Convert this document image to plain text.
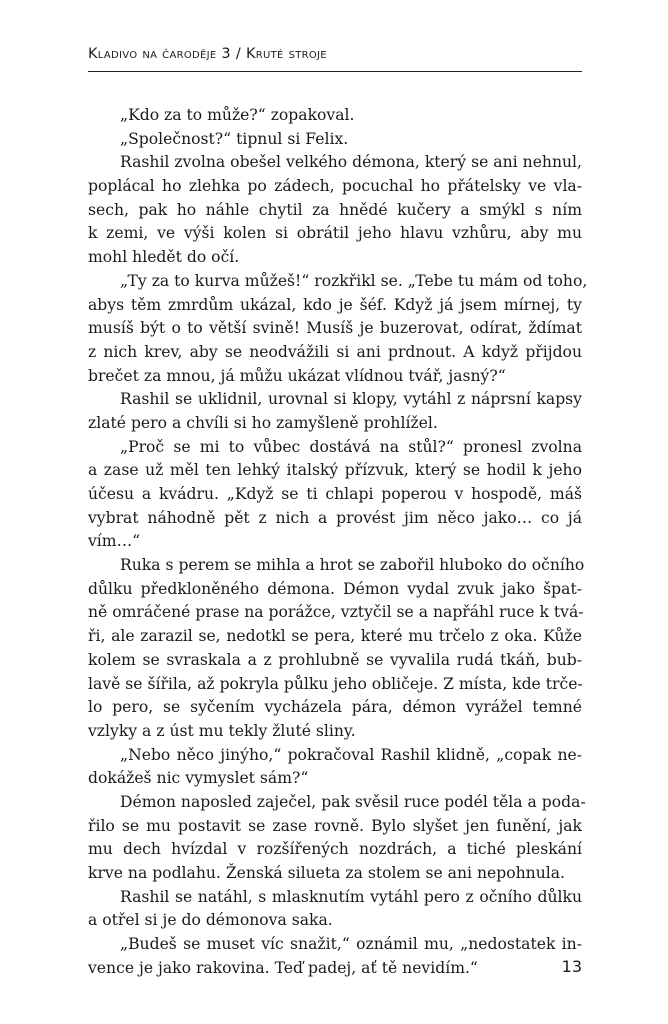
Kladivo na čaroděje 3 / Kruté stroje
„Kdo za to může?“ zopakoval.
„Společnost?“ tipnul si Felix.
Rashil zvolna obešel velkého démona, který se ani nehnul,
poplácal ho zlehka po zádech, pocuchal ho přátelsky ve vla-
sech, pak ho náhle chytil za hnědé kučery a smýkl s ním
k zemi, ve výši kolen si obrátil jeho hlavu vzhůru, aby mu
mohl hledět do očí.
„Ty za to kurva můžeš!“ rozkřikl se. „Tebe tu mám od toho,
abys těm zmrdům ukázal, kdo je šéf. Když já jsem mírnej, ty
musíš být o to větší svině! Musíš je buzerovat, odírat, ždímat
z nich krev, aby se neodvážili si ani prdnout. A když přijdou
brečet za mnou, já můžu ukázat vlídnou tvář, jasný?“
Rashil se uklidnil, urovnal si klopy, vytáhl z náprsní kapsy
zlaté pero a chvíli si ho zamyšleně prohlížel.
„Proč se mi to vůbec dostává na stůl?“ pronesl zvolna
a zase už měl ten lehký italský přízvuk, který se hodil k jeho
účesu a kvádru. „Když se ti chlapi poperou v hospodě, máš
vybrat náhodně pět z nich a provést jim něco jako… co já
vím…“
Ruka s perem se mihla a hrot se zabořil hluboko do očního
důlku předkloněného démona. Démon vydal zvuk jako špat-
ně omráčené prase na porážce, vztyčil se a napřáhl ruce k tvá-
ři, ale zarazil se, nedotkl se pera, které mu trčelo z oka. Kůže
kolem se svraskala a z prohlubně se vyvalila rudá tkáň, bub-
lavě se šířila, až pokryla půlku jeho obličeje. Z místa, kde trče-
lo pero, se syčením vycházela pára, démon vyrážel temné
vzlyky a z úst mu tekly žluté sliny.
„Nebo něco jinýho,“ pokračoval Rashil klidně, „copak ne-
dokážeš nic vymyslet sám?“
Démon naposled zaječel, pak svěsil ruce podél těla a poda-
řilo se mu postavit se zase rovně. Bylo slyšet jen funění, jak
mu dech hvízdal v rozšířených nozdrách, a tiché pleskání
krve na podlahu. Ženská silueta za stolem se ani nepohnula.
Rashil se natáhl, s mlasknutím vytáhl pero z očního důlku
a otřel si je do démonova saka.
„Budeš se muset víc snažit,“ oznámil mu, „nedostatek in-
vence je jako rakovina. Teď padej, ať tě nevidím.“	13
